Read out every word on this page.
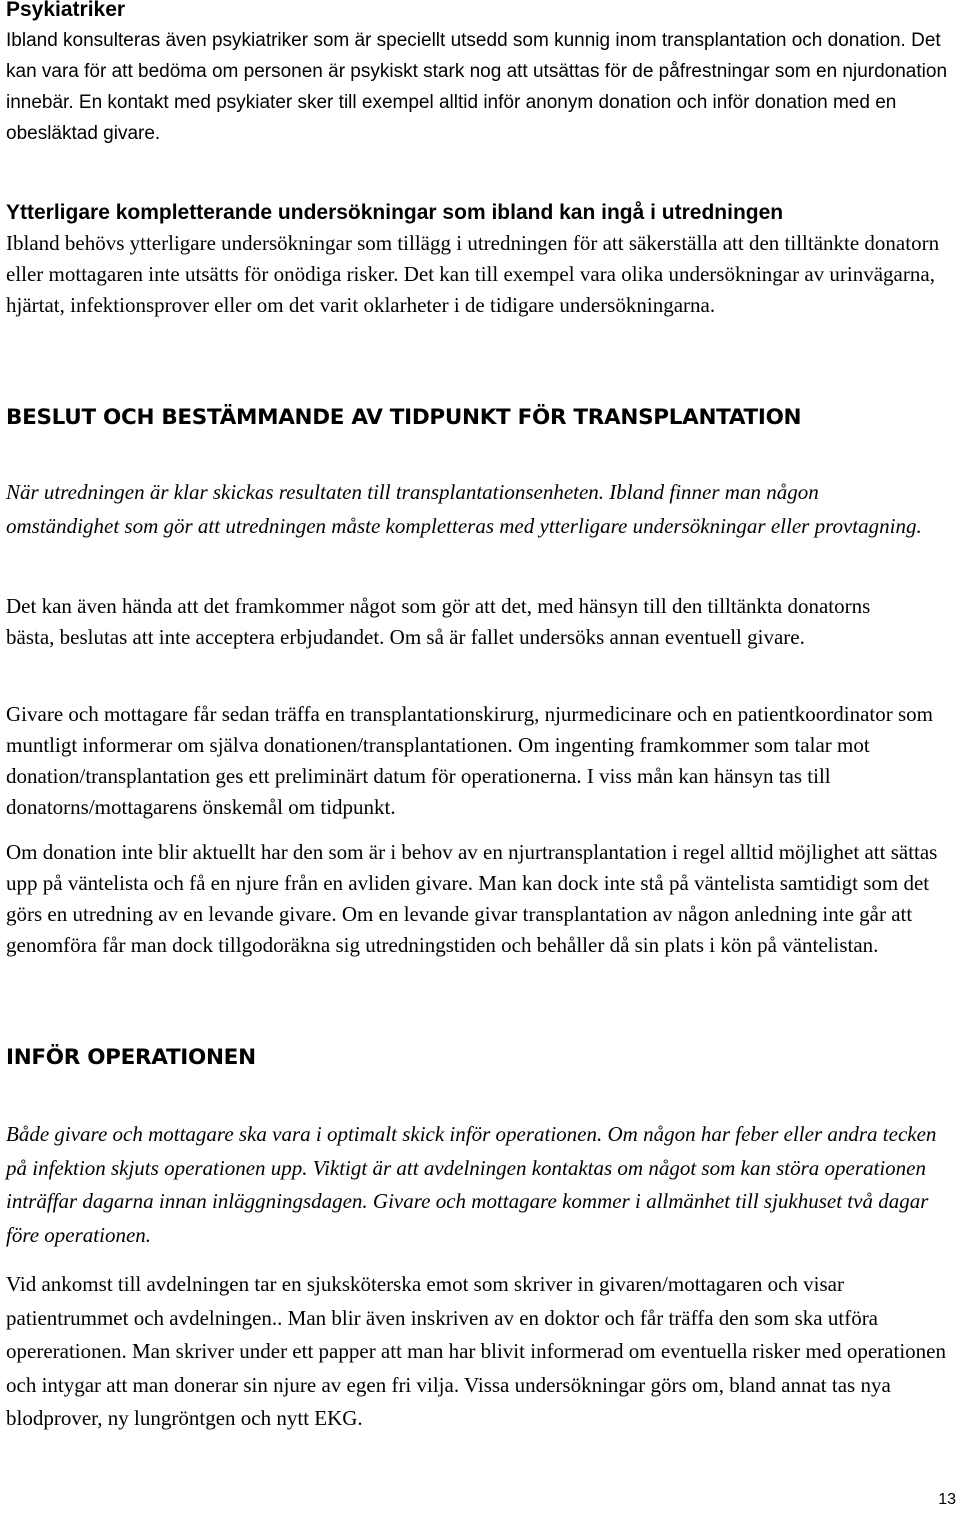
Psykiatriker

Ibland konsulteras även psykiatriker som är speciellt utsedd som kunnig inom transplantation och donation. Det kan vara för att bedöma om personen är psykiskt stark nog att utsättas för de påfrestningar som en njurdonation innebär. En kontakt med psykiater sker till exempel alltid inför anonym donation och inför donation med en obesläktad givare.

Ytterligare kompletterande undersökningar som ibland kan ingå i utredningen

Ibland behövs ytterligare undersökningar som tillägg i utredningen för att säkerställa att den tilltänkte donatorn eller mottagaren inte utsätts för onödiga risker. Det kan till exempel vara olika undersökningar av urinvägarna, hjärtat, infektionsprover eller om det varit oklarheter i de tidigare undersökningarna.

BESLUT OCH BESTÄMMANDE AV TIDPUNKT FÖR TRANSPLANTATION

När utredningen är klar skickas resultaten till transplantationsenheten. Ibland finner man någon omständighet som gör att utredningen måste kompletteras med ytterligare undersökningar eller provtagning.

Det kan även hända att det framkommer något som gör att det, med hänsyn till den tilltänkta donatorns bästa, beslutas att inte acceptera erbjudandet. Om så är fallet undersöks annan eventuell givare.

Givare och mottagare får sedan träffa en transplantationskirurg, njurmedicinare och en patientkoordinator som muntligt informerar om själva donationen/transplantationen. Om ingenting framkommer som talar mot donation/transplantation ges ett preliminärt datum för operationerna. I viss mån kan hänsyn tas till donatorns/mottagarens önskemål om tidpunkt.

Om donation inte blir aktuellt har den som är i behov av en njurtransplantation i regel alltid möjlighet att sättas upp på väntelista och få en njure från en avliden givare. Man kan dock inte stå på väntelista samtidigt som det görs en utredning av en levande givare. Om en levande givar transplantation av någon anledning inte går att genomföra får man dock tillgodoräkna sig utredningstiden och behåller då sin plats i kön på väntelistan.

INFÖR OPERATIONEN

Både givare och mottagare ska vara i optimalt skick inför operationen. Om någon har feber eller andra tecken på infektion skjuts operationen upp. Viktigt är att avdelningen kontaktas om något som kan störa operationen inträffar dagarna innan inläggningsdagen. Givare och mottagare kommer i allmänhet till sjukhuset två dagar före operationen.

Vid ankomst till avdelningen tar en sjuksköterska emot som skriver in givaren/mottagaren och visar patientrummet och avdelningen.. Man blir även inskriven av en doktor och får träffa den som ska utföra opererationen. Man skriver under ett papper att man har blivit informerad om eventuella risker med operationen och intygar att man donerar sin njure av egen fri vilja. Vissa undersökningar görs om, bland annat tas nya blodprover, ny lungröntgen och nytt EKG.

13
